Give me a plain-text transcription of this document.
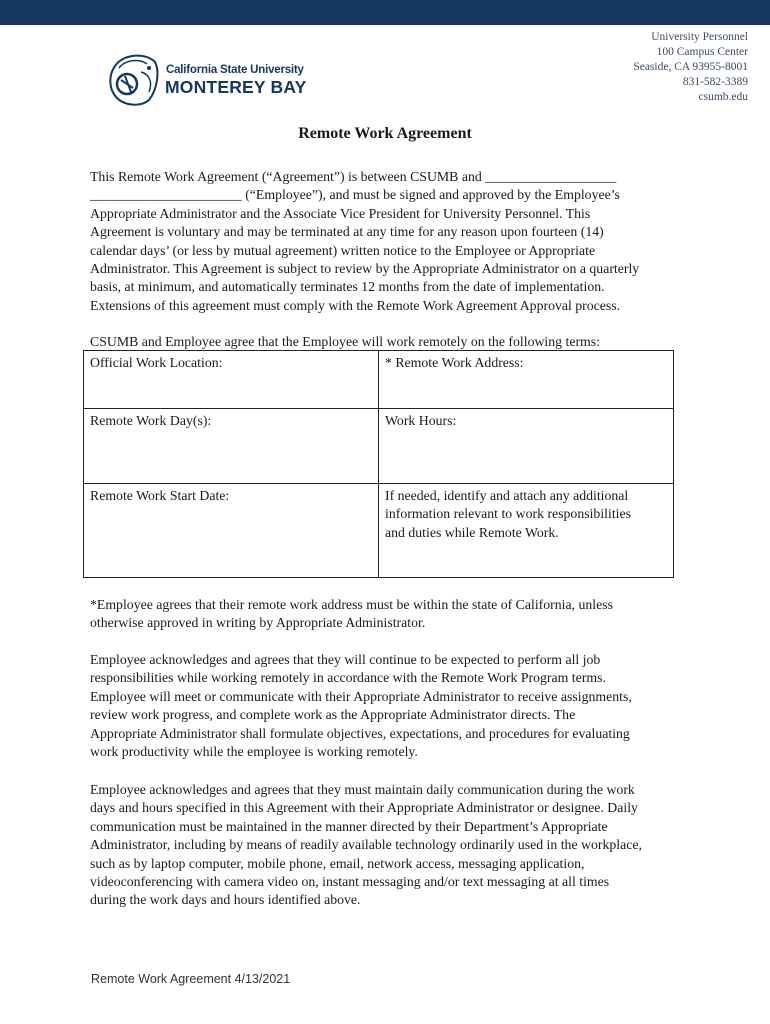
California State University
MONTEREY BAY
University Personnel
100 Campus Center
Seaside, CA 93955-8001
831-582-3389
csumb.edu
Remote Work Agreement
This Remote Work Agreement (“Agreement”) is between CSUMB and ___________________
______________________ (“Employee”), and must be signed and approved by the Employee’s
Appropriate Administrator and the Associate Vice President for University Personnel. This
Agreement is voluntary and may be terminated at any time for any reason upon fourteen (14)
calendar days’ (or less by mutual agreement) written notice to the Employee or Appropriate
Administrator. This Agreement is subject to review by the Appropriate Administrator on a quarterly
basis, at minimum, and automatically terminates 12 months from the date of implementation.
Extensions of this agreement must comply with the Remote Work Agreement Approval process.
CSUMB and Employee agree that the Employee will work remotely on the following terms:
Official Work Location:	* Remote Work Address:
Remote Work Day(s):	Work Hours:
Remote Work Start Date:	If needed, identify and attach any additional
information relevant to work responsibilities
and duties while Remote Work.
*Employee agrees that their remote work address must be within the state of California, unless
otherwise approved in writing by Appropriate Administrator.
Employee acknowledges and agrees that they will continue to be expected to perform all job
responsibilities while working remotely in accordance with the Remote Work Program terms.
Employee will meet or communicate with their Appropriate Administrator to receive assignments,
review work progress, and complete work as the Appropriate Administrator directs. The
Appropriate Administrator shall formulate objectives, expectations, and procedures for evaluating
work productivity while the employee is working remotely.
Employee acknowledges and agrees that they must maintain daily communication during the work
days and hours specified in this Agreement with their Appropriate Administrator or designee. Daily
communication must be maintained in the manner directed by their Department’s Appropriate
Administrator, including by means of readily available technology ordinarily used in the workplace,
such as by laptop computer, mobile phone, email, network access, messaging application,
videoconferencing with camera video on, instant messaging and/or text messaging at all times
during the work days and hours identified above.
Remote Work Agreement 4/13/2021
